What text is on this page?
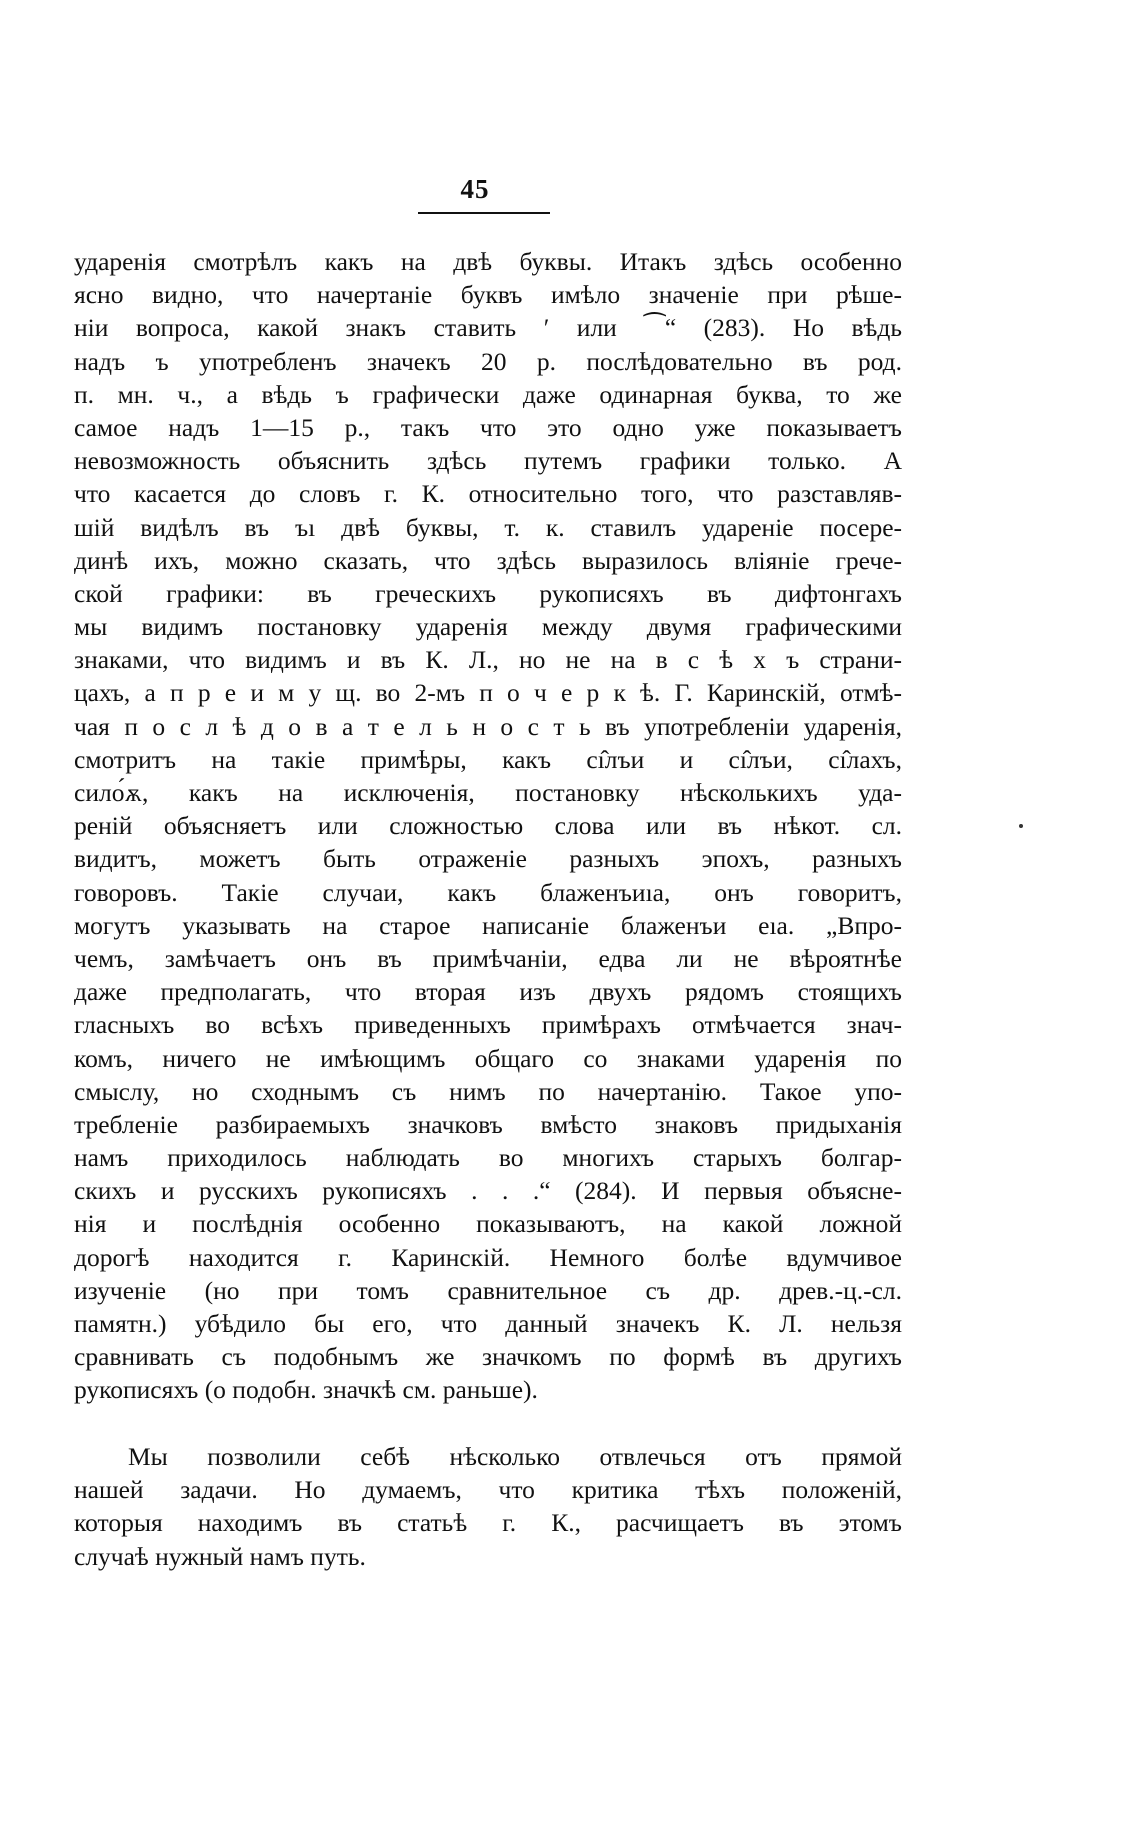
45
ударенія смотрѣлъ какъ на двѣ буквы. Итакъ здѣсь особенно
ясно видно, что начертаніе буквъ имѣло значеніе при рѣше-
ніи вопроса, какой знакъ ставить ′ или ⁀“ (283). Но вѣдь
надъ ъ употребленъ значекъ 20 р. послѣдовательно въ род.
п. мн. ч., а вѣдь ъ графически даже одинарная буква, то же
самое надъ 1—15 р., такъ что это одно уже показываетъ
невозможность объяснить здѣсь путемъ графики только. А
что касается до словъ г. К. относительно того, что разставляв-
шій видѣлъ въ ъı двѣ буквы, т. к. ставилъ удареніе посере-
динѣ ихъ, можно сказать, что здѣсь выразилось вліяніе грече-
ской графики: въ греческихъ рукописяхъ въ дифтонгахъ
мы видимъ постановку ударенія между двумя графическими
знаками, что видимъ и въ К. Л., но не на в с ѣ х ъ страни-
цахъ, а п р е и м у щ. во 2-мъ п о ч е р к ѣ. Г. Каринскій, отмѣ-
чая п о с л ѣ д о в а т е л ь н о с т ь въ употребленіи ударенія,
смотритъ на такіе примѣры, какъ сı̂лъи и сı̂лъи, сı̂лахъ,
сило́ѫ, какъ на исключенія, постановку нѣсколькихъ уда-
реній объясняетъ или сложностью слова или въ нѣкот. сл.
видитъ, можетъ быть отраженіе разныхъ эпохъ, разныхъ
говоровъ. Такіе случаи, какъ блаженъиıа, онъ говоритъ,
могутъ указывать на старое написаніе блаженъи еıа. „Впро-
чемъ, замѣчаетъ онъ въ примѣчаніи, едва ли не вѣроятнѣе
даже предполагать, что вторая изъ двухъ рядомъ стоящихъ
гласныхъ во всѣхъ приведенныхъ примѣрахъ отмѣчается знач-
комъ, ничего не имѣющимъ общаго со знаками ударенія по
смыслу, но сходнымъ съ нимъ по начертанію. Такое упо-
требленіе разбираемыхъ значковъ вмѣсто знаковъ придыханія
намъ приходилось наблюдать во многихъ старыхъ болгар-
скихъ и русскихъ рукописяхъ . . .“ (284). И первыя объясне-
нія и послѣднія особенно показываютъ, на какой ложной
дорогѣ находится г. Каринскій. Немного болѣе вдумчивое
изученіе (но при томъ сравнительное съ др. древ.-ц.-сл.
памятн.) убѣдило бы его, что данный значекъ К. Л. нельзя
сравнивать съ подобнымъ же значкомъ по формѣ въ другихъ
рукописяхъ (о подобн. значкѣ см. раньше).
Мы позволили себѣ нѣсколько отвлечься отъ прямой
нашей задачи. Но думаемъ, что критика тѣхъ положеній,
которыя находимъ въ статьѣ г. К., расчищаетъ въ этомъ
случаѣ нужный намъ путь.
